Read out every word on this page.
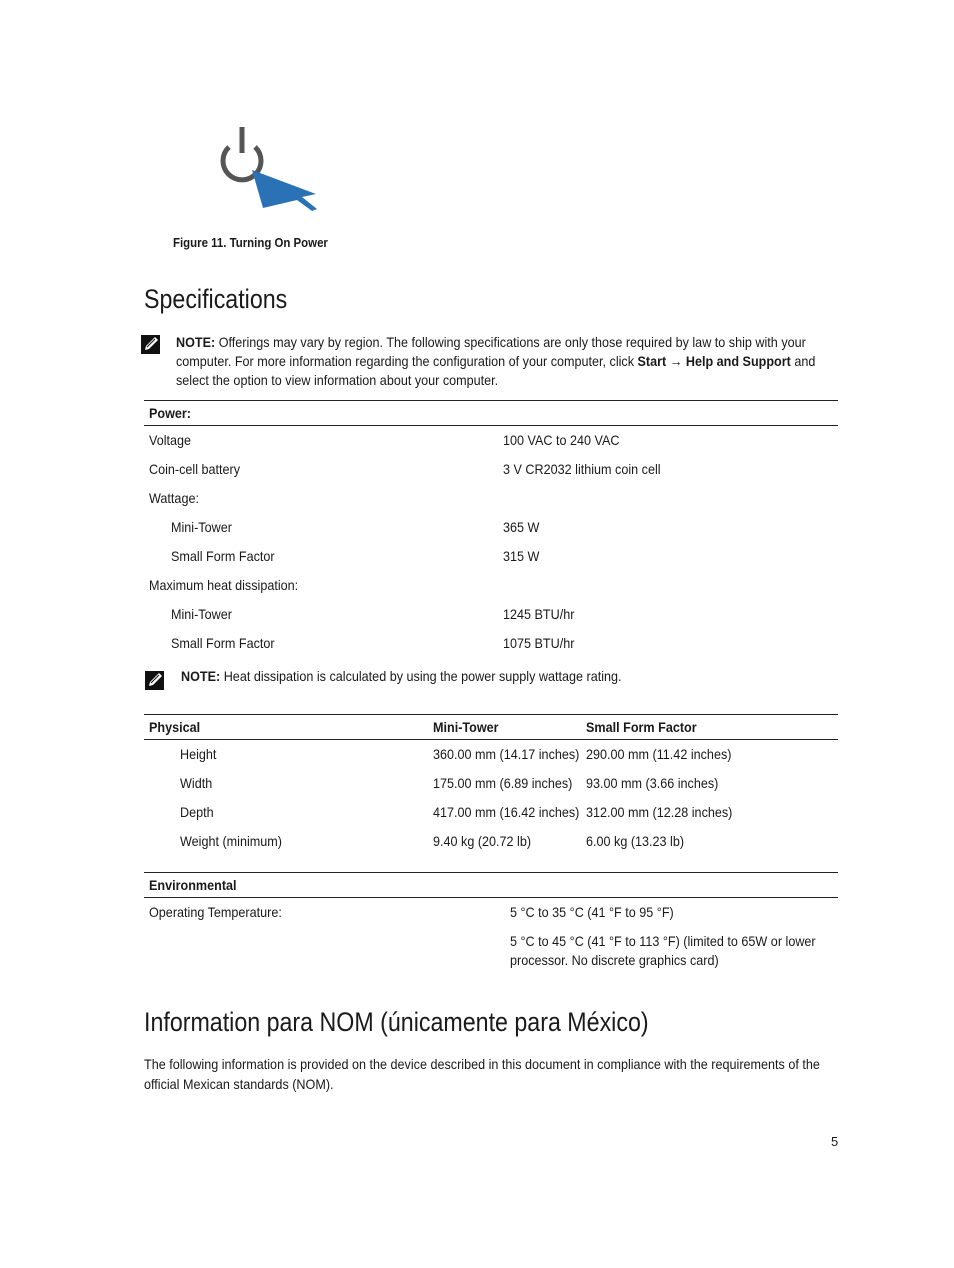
Figure 11. Turning On Power
Specifications
NOTE: Offerings may vary by region. The following specifications are only those required by law to ship with your computer. For more information regarding the configuration of your computer, click Start → Help and Support and select the option to view information about your computer.
Power:
Voltage	100 VAC to 240 VAC
Coin-cell battery	3 V CR2032 lithium coin cell
Wattage:
Mini-Tower	365 W
Small Form Factor	315 W
Maximum heat dissipation:
Mini-Tower	1245 BTU/hr
Small Form Factor	1075 BTU/hr
NOTE: Heat dissipation is calculated by using the power supply wattage rating.
Physical	Mini-Tower	Small Form Factor
Height	360.00 mm (14.17 inches) 290.00 mm (11.42 inches)
Width	175.00 mm (6.89 inches) 93.00 mm (3.66 inches)
Depth	417.00 mm (16.42 inches) 312.00 mm (12.28 inches)
Weight (minimum)	9.40 kg (20.72 lb)	6.00 kg (13.23 lb)
Environmental
Operating Temperature:	5 °C to 35 °C (41 °F to 95 °F)
5 °C to 45 °C (41 °F to 113 °F) (limited to 65W or lower
processor. No discrete graphics card)
Information para NOM (únicamente para México)
The following information is provided on the device described in this document in compliance with the requirements of the official Mexican standards (NOM).
5
